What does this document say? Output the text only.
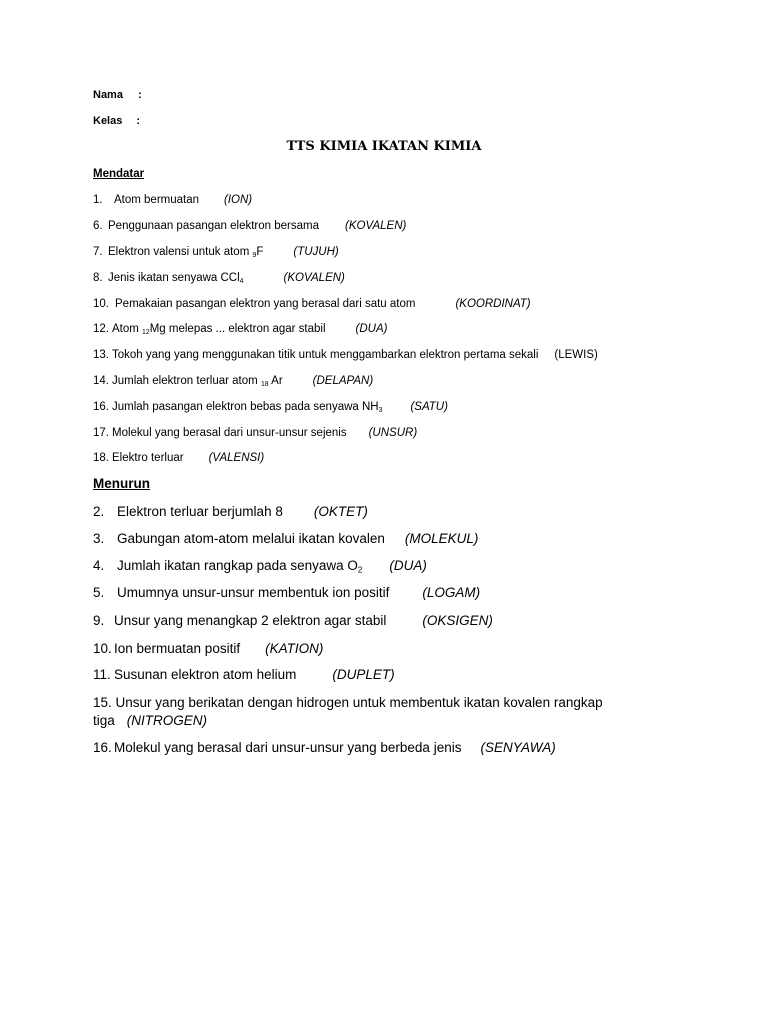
Nama :
Kelas :
TTS KIMIA IKATAN KIMIA
Mendatar
1. Atom bermuatan (ION)
6. Penggunaan pasangan elektron bersama (KOVALEN)
7. Elektron valensi untuk atom $_9$F	(TUJUH)
8. Jenis ikatan senyawa CCl$_4$	(KOVALEN)
10. Pemakaian pasangan elektron yang berasal dari satu atom	(KOORDINAT)
12. Atom $_{12}$Mg melepas ... elektron agar stabil	(DUA)
13. Tokoh yang yang menggunakan titik untuk menggambarkan elektron pertama sekali (LEWIS)
14. Jumlah elektron terluar atom $_{18}$ Ar	(DELAPAN)
16. Jumlah pasangan elektron bebas pada senyawa $NH_3$ (SATU)
17. Molekul yang berasal dari unsur-unsur sejenis (UNSUR)
18. Elektro terluar (VALENSI)
Menurun
2. Elektron terluar berjumlah 8 (OKTET)
3. Gabungan atom-atom melalui ikatan kovalen (MOLEKUL)
4. Jumlah ikatan rangkap pada senyawa $O_2$ (DUA)
5. Umumnya unsur-unsur membentuk ion positif (LOGAM)
9. Unsur yang menangkap 2 elektron agar stabil	(OKSIGEN)
10. Ion bermuatan positif (KATION)
11. Susunan elektron atom helium	(DUPLET)
15. Unsur yang berikatan dengan hidrogen untuk membentuk ikatan kovalen rangkap tiga (NITROGEN)
16. Molekul yang berasal dari unsur-unsur yang berbeda jenis (SENYAWA)
